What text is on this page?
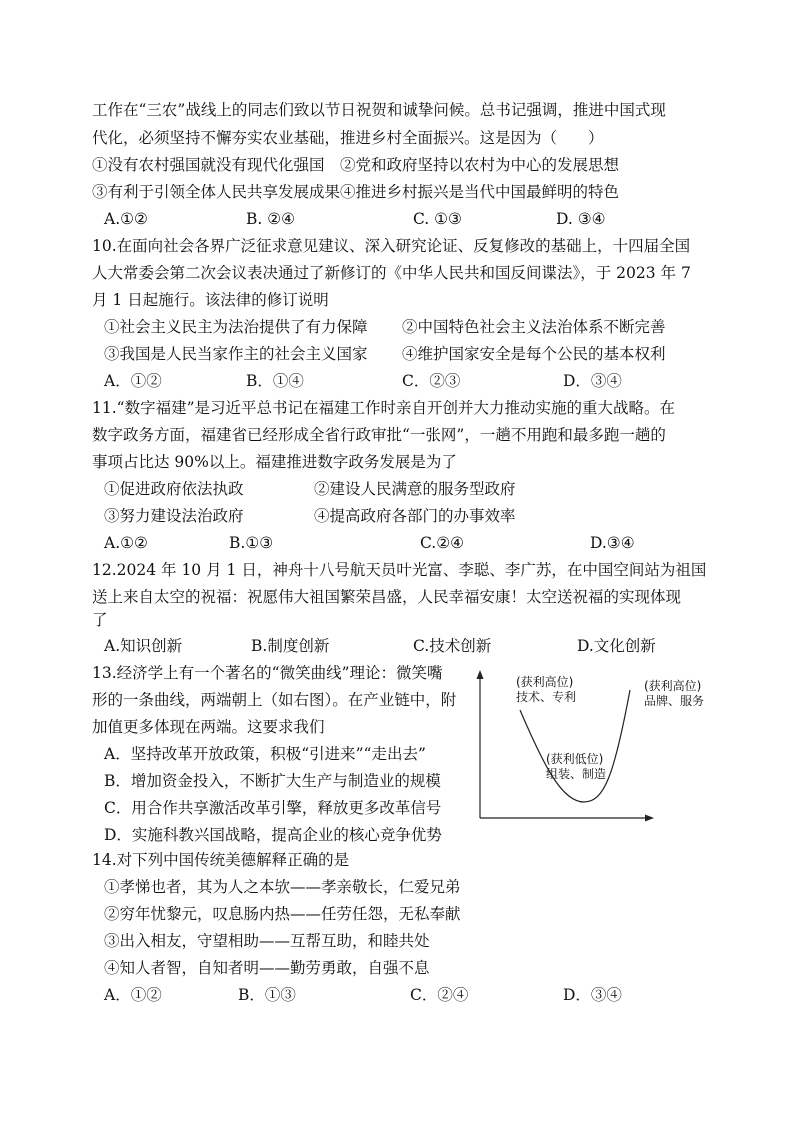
工作在“三农”战线上的同志们致以节日祝贺和诚挚问候。总书记强调，推进中国式现
代化，必须坚持不懈夯实农业基础，推进乡村全面振兴。这是因为（　　）
①没有农村强国就没有现代化强国　②党和政府坚持以农村为中心的发展思想
③有利于引领全体人民共享发展成果④推进乡村振兴是当代中国最鲜明的特色
A.①②	B. ②④	C. ①③	D. ③④
10.在面向社会各界广泛征求意见建议、深入研究论证、反复修改的基础上，十四届全国
人大常委会第二次会议表决通过了新修订的《中华人民共和国反间谍法》，于 2023 年 7
月 1 日起施行。该法律的修订说明
①社会主义民主为法治提供了有力保障 ②中国特色社会主义法治体系不断完善
③我国是人民当家作主的社会主义国家 ④维护国家安全是每个公民的基本权利
A．①②	B．①④	C．②③	D．③④
11.“数字福建”是习近平总书记在福建工作时亲自开创并大力推动实施的重大战略。在
数字政务方面，福建省已经形成全省行政审批“一张网”，一趟不用跑和最多跑一趟的
事项占比达 90%以上。福建推进数字政务发展是为了
①促进政府依法执政	②建设人民满意的服务型政府
③努力建设法治政府	④提高政府各部门的办事效率
A.①②	B.①③	C.②④	D.③④
12.2024 年 10 月 1 日，神舟十八号航天员叶光富、李聪、李广苏，在中国空间站为祖国
送上来自太空的祝福：祝愿伟大祖国繁荣昌盛，人民幸福安康！太空送祝福的实现体现
了
A.知识创新	B.制度创新	C.技术创新	D.文化创新
13.经济学上有一个著名的“微笑曲线”理论：微笑嘴
形的一条曲线，两端朝上（如右图）。在产业链中，附
加值更多体现在两端。这要求我们
A．坚持改革开放政策，积极“引进来”“走出去”
B．增加资金投入，不断扩大生产与制造业的规模
C．用合作共享激活改革引擎，释放更多改革信号
D．实施科教兴国战略，提高企业的核心竞争优势
(获利高位)
技术、专利
(获利高位)
品牌、服务
(获利低位)
组装、制造
14.对下列中国传统美德解释正确的是
①孝悌也者，其为人之本欤——孝亲敬长，仁爱兄弟
②穷年忧黎元，叹息肠内热——任劳任怨，无私奉献
③出入相友，守望相助——互帮互助，和睦共处
④知人者智，自知者明——勤劳勇敢，自强不息
A．①②	B．①③	C．②④	D．③④
